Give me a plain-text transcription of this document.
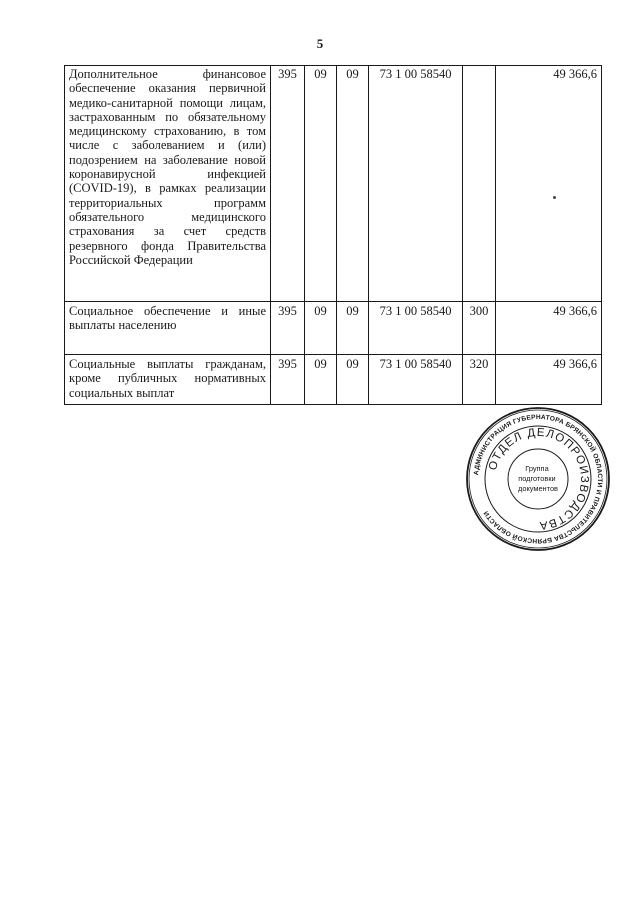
5
Дополнительное финансовое обеспечение оказания первичной медико-санитарной помощи лицам, застрахованным по обязательному медицинскому страхованию, в том числе с заболеванием и (или) подозрением на заболевание новой коронавирусной инфекцией (COVID-19), в рамках реализации территориальных программ обязательного медицинского страхования за счет средств резервного фонда Правительства Российской Федерации	395	09	09	73 1 00 58540		49 366,6
Социальное обеспечение и иные выплаты населению	395	09	09	73 1 00 58540	300	49 366,6
Социальные выплаты гражданам, кроме публичных нормативных социальных выплат	395	09	09	73 1 00 58540	320	49 366,6
АДМИНИСТРАЦИЯ ГУБЕРНАТОРА БРЯНСКОЙ ОБЛАСТИ И ПРАВИТЕЛЬСТВА БРЯНСКОЙ ОБЛАСТИ
ОТДЕЛ ДЕЛОПРОИЗВОДСТВА
Группа подготовки документов
